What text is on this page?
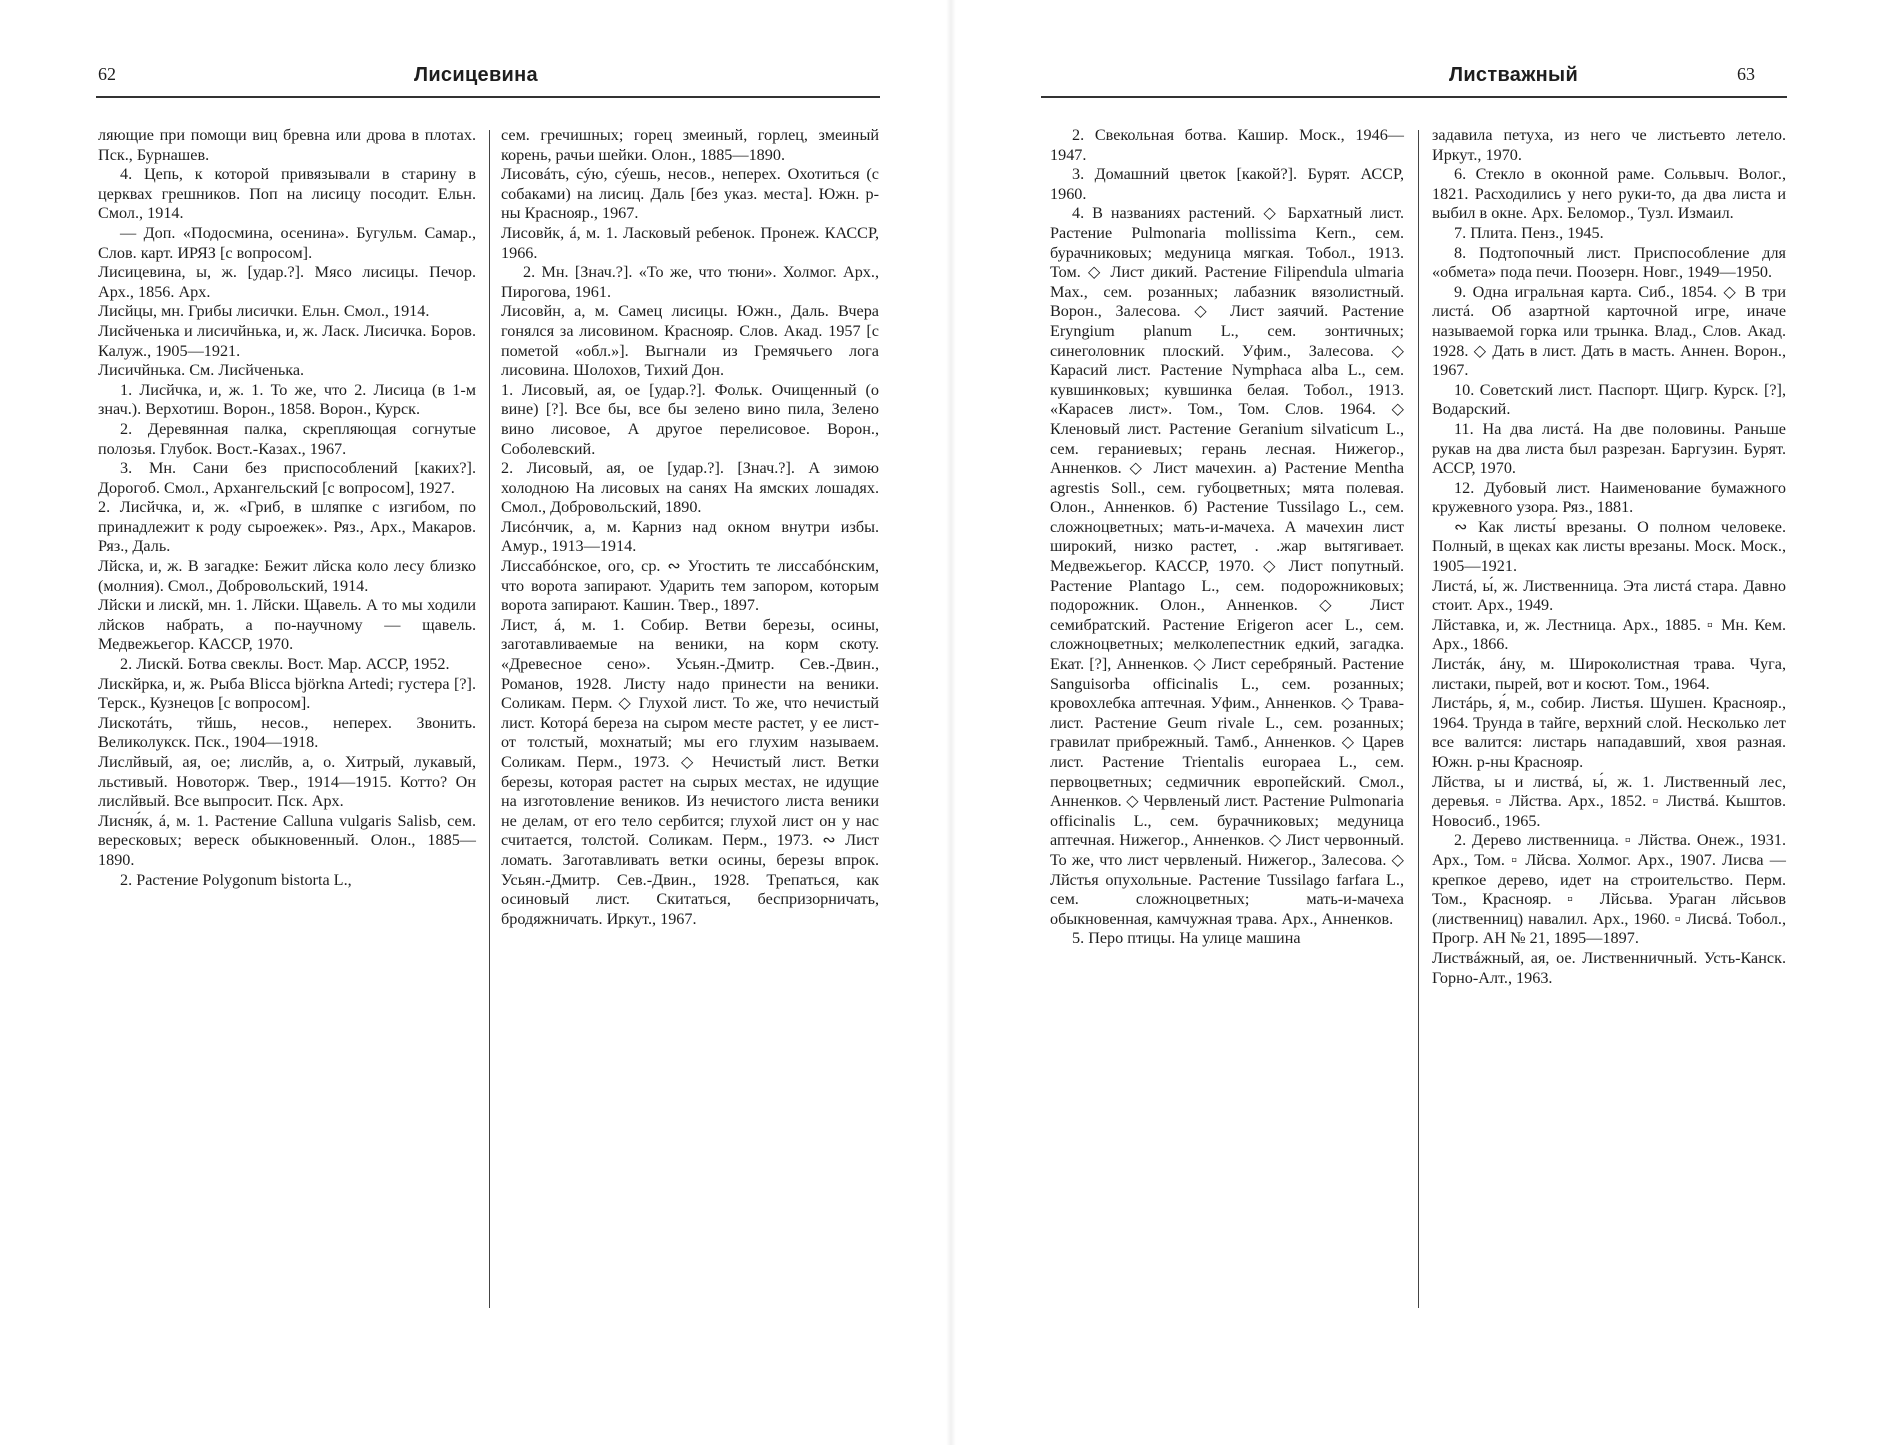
62	Лисицевина

ляющие при помощи виц бревна или дрова в плотах. Пск., Бурнашев.

4. Цепь, к которой привязывали в старину в церквах грешников. Поп на лисицу посодит. Ельн. Смол., 1914.

— Доп. «Подосмина, осенина». Бугульм. Самар., Слов. карт. ИРЯЗ [с вопросом].

Лисицевина, ы, ж. [удар.?]. Мясо лисицы. Печор. Арх., 1856. Арх.

Лисйцы, мн. Грибы лисички. Ельн. Смол., 1914.

Лисйченька и лисичйнька, и, ж. Ласк. Лисичка. Боров. Калуж., 1905—1921.

Лисичйнька. См. Лисйченька.

1. Лисйчка, и, ж. 1. То же, что 2. Лисица (в 1-м знач.). Верхотиш. Ворон., 1858. Ворон., Курск.

2. Деревянная палка, скрепляющая согнутые полозья. Глубок. Вост.-Казах., 1967.

3. Мн. Сани без приспособлений [каких?]. Дорогоб. Смол., Архангельский [с вопросом], 1927.

2. Лисйчка, и, ж. «Гриб, в шляпке с изгибом, по принадлежит к роду сыроежек». Ряз., Арх., Макаров. Ряз., Даль.

Лйска, и, ж. В загадке: Бежит лйска коло лесу близко (молния). Смол., Добровольский, 1914.

Лйски и лискй, мн. 1. Лйски. Щавель. А то мы ходили лйсков набрать, а по-научному — щавель. Медвежьегор. КАССР, 1970.

2. Лискй. Ботва свеклы. Вост. Мар. АССР, 1952.

Лискйрка, и, ж. Рыба Blicca björkna Artedi; густера [?]. Терск., Кузнецов [с вопросом].

Лискотáть, тйшь, несов., неперех. Звонить. Великолукск. Пск., 1904—1918.

Лислйвый, ая, ое; лислйв, а, о. Хитрый, лукавый, льстивый. Новоторж. Твер., 1914—1915. Котто? Он лислйвый. Все выпросит. Пск. Арх.

Лисня́к, á, м. 1. Растение Calluna vulgaris Salisb, сем. вересковых; вереск обыкновенный. Олон., 1885—1890.

2. Растение Polygonum bistorta L.,

сем. гречишных; горец змеиный, горлец, змеиный корень, рачьи шейки. Олон., 1885—1890.

Лисовáть, сýю, сýешь, несов., неперех. Охотиться (с собаками) на лисиц. Даль [без указ. места]. Южн. р-ны Краснояр., 1967.

Лисовйк, á, м. 1. Ласковый ребенок. Пронеж. КАССР, 1966.

2. Мн. [Знач.?]. «То же, что тюни». Холмог. Арх., Пирогова, 1961.

Лисовйн, а, м. Самец лисицы. Южн., Даль. Вчера гонялся за лисовином. Краснояр. Слов. Акад. 1957 [с пометой «обл.»]. Выгнали из Гремячьего лога лисовина. Шолохов, Тихий Дон.

1. Лисовый, ая, ое [удар.?]. Фольк. Очищенный (о вине) [?]. Все бы, все бы зелено вино пила, Зелено вино лисовое, А другое перелисовое. Ворон., Соболевский.

2. Лисовый, ая, ое [удар.?]. [Знач.?]. А зимою холодною На лисовых на санях На ямских лошадях. Смол., Добровольский, 1890.

Лисóнчик, а, м. Карниз над окном внутри избы. Амур., 1913—1914.

Лиссабóнское, ого, ср. ∾ Угостить те лиссабóнским, что ворота запирают. Ударить тем запором, которым ворота запирают. Кашин. Твер., 1897.

Лист, á, м. 1. Собир. Ветви березы, осины, заготавливаемые на веники, на корм скоту. «Древесное сено». Усьян.-Дмитр. Сев.-Двин., Романов, 1928. Листу надо принести на веники. Соликам. Перм. ◇ Глухой лист. То же, что нечистый лист. Которá береза на сыром месте растет, у ее лист-от толстый, мохнатый; мы его глухим называем. Соликам. Перм., 1973. ◇ Нечистый лист. Ветки березы, которая растет на сырых местах, не идущие на изготовление веников. Из нечистого листа веники не делам, от его тело сербится; глухой лист он у нас считается, толстой. Соликам. Перм., 1973. ∾ Лист ломать. Заготавливать ветки осины, березы впрок. Усьян.-Дмитр. Сев.-Двин., 1928. Трепаться, как осиновый лист. Скитаться, беспризорничать, бродяжничать. Иркут., 1967.

Листважный	63

2. Свекольная ботва. Кашир. Моск., 1946—1947.

3. Домашний цветок [какой?]. Бурят. АССР, 1960.

4. В названиях растений. ◇ Бархатный лист. Растение Pulmonaria mollissima Kern., сем. бурачниковых; медуница мягкая. Тобол., 1913. Том. ◇ Лист дикий. Растение Filipendula ulmaria Max., сем. розанных; лабазник вязолистный. Ворон., Залесова. ◇ Лист заячий. Растение Eryngium planum L., сем. зонтичных; синеголовник плоский. Уфим., Залесова. ◇ Карасий лист. Растение Nymphaca alba L., сем. кувшинковых; кувшинка белая. Тобол., 1913. «Карасев лист». Том., Том. Слов. 1964. ◇ Кленовый лист. Растение Geranium silvaticum L., сем. гераниевых; герань лесная. Нижегор., Анненков. ◇ Лист мачехин. а) Растение Mentha agrestis Soll., сем. губоцветных; мята полевая. Олон., Анненков. б) Растение Tussilago L., сем. сложноцветных; мать-и-мачеха. А мачехин лист широкий, низко растет, . .жар вытягивает. Медвежьегор. КАССР, 1970. ◇ Лист попутный. Растение Plantago L., сем. подорожниковых; подорожник. Олон., Анненков. ◇ Лист семибратский. Растение Erigeron acer L., сем. сложноцветных; мелколепестник едкий, загадка. Екат. [?], Анненков. ◇ Лист серебряный. Растение Sanguisorba officinalis L., сем. розанных; кровохлебка аптечная. Уфим., Анненков. ◇ Трава-лист. Растение Geum rivale L., сем. розанных; гравилат прибрежный. Тамб., Анненков. ◇ Царев лист. Растение Trientalis europaea L., сем. первоцветных; седмичник европейский. Смол., Анненков. ◇ Червленый лист. Растение Pulmonaria officinalis L., сем. бурачниковых; медуница аптечная. Нижегор., Анненков. ◇ Лист червонный. То же, что лист червленый. Нижегор., Залесова. ◇ Лйстья опухольные. Растение Tussilago farfara L., сем. сложноцветных; мать-и-мачеха обыкновенная, камчужная трава. Арх., Анненков.

5. Перо птицы. На улице машина

задавила петуха, из него че листьевто летело. Иркут., 1970.

6. Стекло в оконной раме. Сольвыч. Волог., 1821. Расходились у него руки-то, да два листа и выбил в окне. Арх. Беломор., Тузл. Измаил.

7. Плита. Пенз., 1945.

8. Подтопочный лист. Приспособление для «обмета» пода печи. Поозерн. Новг., 1949—1950.

9. Одна игральная карта. Сиб., 1854. ◇ В три листá. Об азартной карточной игре, иначе называемой горка или трынка. Влад., Слов. Акад. 1928. ◇ Дать в лист. Дать в масть. Аннен. Ворон., 1967.

10. Советский лист. Паспорт. Щигр. Курск. [?], Водарский.

11. На два листá. На две половины. Раньше рукав на два листа был разрезан. Баргузин. Бурят. АССР, 1970.

12. Дубовый лист. Наименование бумажного кружевного узора. Ряз., 1881.

∾ Как листы́ врезаны. О полном человеке. Полный, в щеках как листы врезаны. Моск. Моск., 1905—1921.

Листá, ы́, ж. Лиственница. Эта листá стара. Давно стоит. Арх., 1949.

Лйставка, и, ж. Лестница. Арх., 1885. ▫ Мн. Кем. Арх., 1866.

Листáк, áну, м. Широколистная трава. Чуга, листаки, пырей, вот и косют. Том., 1964.

Листáрь, я́, м., собир. Листья. Шушен. Краснояр., 1964. Трунда в тайге, верхний слой. Несколько лет все валится: листарь нападавший, хвоя разная. Южн. р-ны Краснояр.

Лйства, ы и листвá, ы́, ж. 1. Лиственный лес, деревья. ▫ Лйства. Арх., 1852. ▫ Листвá. Кыштов. Новосиб., 1965.

2. Дерево лиственница. ▫ Лйства. Онеж., 1931. Арх., Том. ▫ Лйсва. Холмог. Арх., 1907. Лисва — крепкое дерево, идет на строительство. Перм. Том., Краснояр. ▫ Лйсьва. Ураган лйсьвов (лиственниц) навалил. Арх., 1960. ▫ Лисвá. Тобол., Прогр. АН № 21, 1895—1897.

Листвáжный, ая, ое. Лиственничный. Усть-Канск. Горно-Алт., 1963.
